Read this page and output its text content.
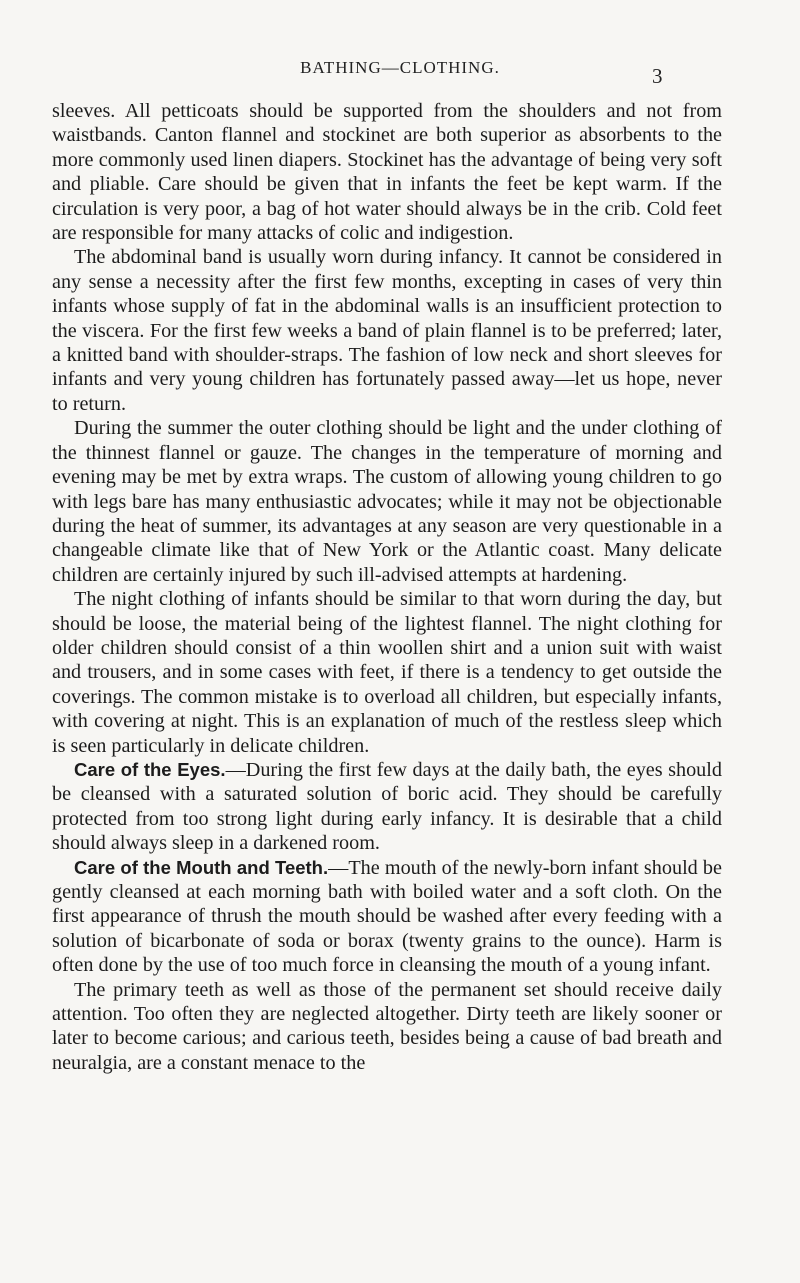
BATHING—CLOTHING.	3

sleeves. All petticoats should be supported from the shoulders and not from waistbands. Canton flannel and stockinet are both superior as absorbents to the more commonly used linen diapers. Stockinet has the advantage of being very soft and pliable. Care should be given that in infants the feet be kept warm. If the circulation is very poor, a bag of hot water should always be in the crib. Cold feet are responsible for many attacks of colic and indigestion.

The abdominal band is usually worn during infancy. It cannot be considered in any sense a necessity after the first few months, excepting in cases of very thin infants whose supply of fat in the abdominal walls is an insufficient protection to the viscera. For the first few weeks a band of plain flannel is to be preferred; later, a knitted band with shoulder-straps. The fashion of low neck and short sleeves for infants and very young children has fortunately passed away—let us hope, never to return.

During the summer the outer clothing should be light and the under clothing of the thinnest flannel or gauze. The changes in the temperature of morning and evening may be met by extra wraps. The custom of allowing young children to go with legs bare has many enthusiastic advocates; while it may not be objectionable during the heat of summer, its advantages at any season are very questionable in a changeable climate like that of New York or the Atlantic coast. Many delicate children are certainly injured by such ill-advised attempts at hardening.

The night clothing of infants should be similar to that worn during the day, but should be loose, the material being of the lightest flannel. The night clothing for older children should consist of a thin woollen shirt and a union suit with waist and trousers, and in some cases with feet, if there is a tendency to get outside the coverings. The common mistake is to overload all children, but especially infants, with covering at night. This is an explanation of much of the restless sleep which is seen particularly in delicate children.

Care of the Eyes.—During the first few days at the daily bath, the eyes should be cleansed with a saturated solution of boric acid. They should be carefully protected from too strong light during early infancy. It is desirable that a child should always sleep in a darkened room.

Care of the Mouth and Teeth.—The mouth of the newly-born infant should be gently cleansed at each morning bath with boiled water and a soft cloth. On the first appearance of thrush the mouth should be washed after every feeding with a solution of bicarbonate of soda or borax (twenty grains to the ounce). Harm is often done by the use of too much force in cleansing the mouth of a young infant.

The primary teeth as well as those of the permanent set should receive daily attention. Too often they are neglected altogether. Dirty teeth are likely sooner or later to become carious; and carious teeth, besides being a cause of bad breath and neuralgia, are a constant menace to the
